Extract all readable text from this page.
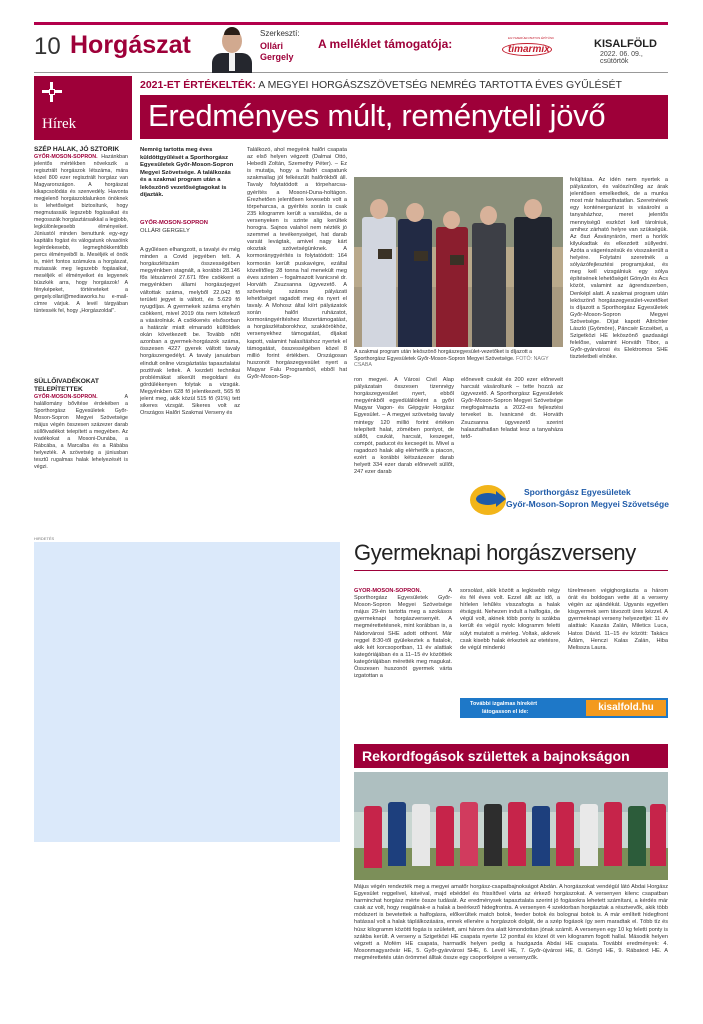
10 Horgászat	Szerkesztí:
Ollári
Gergely
A melléklet támogatója:	EGYSZERŰEN BIZTOS ÉPÍTÜNK
timarmix	KISALFÖLD
2022. 06. 09., csütörtök
Hírek
SZÉP HALAK, JÓ SZTORIK
GYŐR-MOSON-SOPRON. Hazánkban jelentős mértékben növekszik a regisztrált horgászok létszáma, mára közel 800 ezer regisztrált horgász van Magyarországon. A horgászat kikapcsolódás és szenvedély. Havonta megjelenő horgászoldalunkon önöknek is lehetőséget biztosítunk, hogy megmutassák legszebb fogásaikat és megosszák horgásztársaikkal a legjobb, legkülönlegesebb élményeiket. Júniustól minden benuttunk egy-egy kapitális fogást és válogatunk olvasóink legérdekesebb, legmeghökkentőbb percs élményeiből is. Meséljék el önök is, miért fontos számukra a horgászat, mutassák meg legszebb fogásaikat, meséljék el élményeiket és legyenek büszkék arra, hogy horgászok! A fényképeket, történeteket a gergely.ollari@mediaworks.hu e-mail-címre várjuk. A levél tárgyában tüntessék fel, hogy „Horgászoldal".
SÜLLŐIVADÉKOKAT TELEPÍTETTEK
GYŐR-MOSON-SOPRON.	A halállomány bővítése érdekében a Sporthorgász Egyesületek Győr-Moson-Sopron Megyei Szövetsége május végén összesen százezer darab süllőivadékot telepített a megyében. Az ivadékokat a Mosoni-Dunába, a Rábcába, a Marcalba és a Rábába helyezték. A szövetség a júniusban tesztű rugalmas halak lehelyezését is végzi.
2021-ET ÉRTÉKELTÉK: A MEGYEI HORGÁSZSZÖVETSÉG NEMRÉG TARTOTTA ÉVES GYŰLÉSÉT
Eredményes múlt, reményteli jövő
Nemrég tartotta meg éves küldöttgyűlését a Sporthorgász Egyesületek Győr-Moson-Sopron Megyei Szövetsége. A találkozás és a szakmai program után a leköszönő vezetőségtagokat is díjazták.
GYŐR-MOSON-SOPRON
OLLÁRI GERGELY
A gyűlésen elhangzott, a tavalyi év még minden a Covid jegyében telt. A horgászlétszám összességében megyénkben stagnált, a korábbi 28.146 fős létszámról 27.671 főre csökkent a megyénkben állami horgászjegyet váltottak száma, melyből 22.042 fő területi jegyet is váltott, és 5.629 fő nyugdíjas. A gyermekek száma enyhén csökkent, mivel 2019 óta nem kötelező a vásárolniuk. A csökkenés elsősorban a határzár miatt elmaradó külföldiek okán következett be. Tovább nőtt azonban a gyermek-horgászok száma, összesen 4227 gyerek váltott tavaly horgászengedélyt. A tavaly januárban elindult online vizsgáztatás tapasztalatai pozitívak lettek. A kezdeti technikai problémákat sikerült megoldani és gördülékenyen folytak a vizsgák. Megyénkben 628 fő jelentkezett, 565 fő jelent meg, akik közül 515 fő (91%) tett sikeres vizsgát. Sikeres volt az Országos Halőri Szakmai Verseny és
Találkozó, ahol megyénk halőri csapata az első helyen végzett (Dalmai Ottó, Hebedli Zoltán, Szemethy Péter). – Ez is mutatja, hogy a halőri csapatunk szakmailag jól felkészült halőrökből áll. Tavaly folytatódott a törpeharcsa-gyérítés a Mosoni-Duna-holtágon. Érezhetően jelentősen kevesebb volt a törpeharcsa, a gyérítés során is csak 235 kilogramm került a varsákba, de a versenyeken is szinte alig kerültek horogra. Sajnos valahol nem nézték jó szemmel a tevékenységet, hat darab varsát levágtak, amivel nagy kárt okoztak szövetségünknek. A kormoránygyérítés is folytatódott: 164 kormorán került puskavégre, ezáltal közelítőleg 28 tonna hal menekült meg éves szinten – fogalmazott Ivanicsné dr. Horváth Zsuzsanna ügyvezető. A szövetség számos pályázati lehetőséget ragadott meg és nyert el tavaly. A Mohosz által kiírt pályázatok során halőri ruházatot, kormorángyérítéshez lőszertámogatást, a horgászlétaborokhoz, szakkörökhöz, versenyekhez támogatást, díjakat kapott, valamint halasításhoz nyertek el támogatást, összességében közel 8 millió forint értékben. Országosan huszonöt horgászegyesület nyert a Magyar Falu Programból, ebből hat Győr-Moson-Sop-
A szakmai program után leköszönő horgászegyesület-vezetőket is díjazott a Sporthorgász Egyesületek Győr-Moson-Sopron Megyei Szövetsége. FOTÓ: NAGY CSABA
ron megyei. A Városi Civil Alap pályázatain összesen tizennégy horgászegyesület nyert, ebből megyénkből egyedülálióként a győri Magyar Vagon- és Gépgyár Horgász Egyesület. – A megyei szövetség tavaly mintegy 120 millió forint értéken telepített halat, zömében pontyot, de süllőt, csukát, harcsát, keszeget, compót, paducot és kecsegét is. Mivel a ragadozó halak alig elérhetők a piacon, ezért a korábbi kétszázezer darab helyett 334 ezer darab előnevelt süllőt, 247 ezer darab
előnevelt csukát és 200 ezer előnevelt harcsát vásároltunk – tette hozzá az ügyvezető. A Sporthorgász Egyesületek Győr-Moson-Sopron Megyei Szövetsége megfogalmazta a 2022-es fejlesztési terveket is. Ivanicsné dr. Horváth Zsuzsanna ügyvezető szerint halasztathatlan feladat lesz a tanyaháza tető-
Sporthorgász Egyesületek
Győr-Moson-Sopron Megyei Szövetsége
felújítása. Az idén nem nyertek a pályázaton, és valószínűleg az árak jelentősen emelkedtek, de a munka most már halaszthatatlan. Szeretnének egy konténergarázst is vásárolni a tanyaházhoz, meret jelentős mennyiségű eszközt kell tárolniuk, amihez zárható helyre van szükségük. Az őszi Ásványrárón, mert a horlók kilyukadtak és elkezdett süllyedni. Azóta a vágerészésük és visszakerült a helyére. Folytatni szeretnék a sólyázófejlesztési programjukat, és meg kell vizsgálniuk egy sólya építésének lehetőségét Gönyűn és Ács közöt, valamint az ágrendszerben, Denképl alatt. A szakmai program után leköszönő horgászegyesület-vezetőket is díjazott a Sporthorgász Egyesületek Győr-Moson-Sopron Megyei Szövetsége. Díjat kapott Altrichter László (Gyömöre), Páncsér Erzsébet, a Szigetközi HE leköszönő gazdasági felelőse, valamint Horváth Tibor, a Győr-gyárvárosi és Elektromos SHE tiszteletbeli elnöke.
HIRDETÉS
Gyermeknapi horgászverseny
GYŐR-MOSON-SOPRON.	A Sporthorgász Egyesületek Győr-Moson-Sopron Megyei Szövetsége május 29-én tartotta meg a szokásos gyermeknapi horgászversenyét. A megmérettetésnek, mint korábban is, a Nádorvárosi SHE adott otthont. Már reggel 8:30-től gyülekeztek a fiatalok, akik két korcsoportban, 11 év alattiak kategóriájában és a 11–15 év közöttiek kategóriájában mérették meg magukat. Összesen huszonöt gyermek várta izgatottan a
sorsolást, akik között a legkisebb négy és fél éves volt. Ezzel állt az idő, a hírlelen lehűlés visszafogta a halak étvágyát. Nehezen indult a halfogás, de végül volt, akinek több ponty is szákba került és végül nyolc kilogramm feletti súlyt mutatott a mérleg. Voltak, akiknek csak kisebb halak érkeztek az etetésre, de végül mindenki
türelmesen végighorgászta a három órát és boldogan vette át a verseny végén az ajándékát. Ugyanis egyetlen kisgyermek sem távozott üres kézzel. A gyermeknapi verseny helyezettjei: 11 év alattiak: Kaszás Zalán, Miletics Luca, Hatos Dávid. 11–15 év között: Takács Ádám, Henczi Kalas Zalán, Hiba Melissza Laura.
További izgalmas hírekért
látogasson el ide:	kisalfold.hu
Rekordfogások születtek a bajnokságon
Május végén rendezték meg a megyei amatőr horgász-csapatbajnokságot Abdán. A horgászokat vendégül látó Abdai Horgász Egyesület reggelivel, kávéval, majd ebéddel és frissítővel várta az érkező horgászokat. A versenyen kilenc csapatban harminchat horgász mérte össze tudását. Az eredménysek tapasztalata szerint jó fogásokra lehetett számítani, a kérdés már csak az volt, hogy reagálnak-e a halak a beérkező hidegfrontra. A versenyen 4 szektorban horgásztak a résztvevők, akik több módszert is bevetettek a halfogásra, előkerültek match botok, feeder botok és bolognai botok is. A már említett hidegfront hatással volt a halak táplálkozására, ennek ellenére a horgászok dolgát, de a szép fogások így sem maradtak el. Több tíz és húsz kilogramm közötti fogás is született, ami három óra alatt kimondottan jónak számít. A versenyen egy 10 kg feletti ponty is szákba került. A verseny a Szigetközi HE csapata nyerte 12 ponttal és közel öt ven kilogramm fogott hallal. Második helyen végzett a Mofém HE csapata, harmadik helyen pedig a hazigazda Abdai HE csapata. További eredmények: 4. Mosonmagyaróvár HE, 5. Győr-gyárvárosi SHE, 6. Levél HE, 7. Győr-újvárosi HE, 8. Gönyű HE, 9. Rábatext HE. A megmérettetés után örömmel álltak össze egy csoportképre a versenyzők.
